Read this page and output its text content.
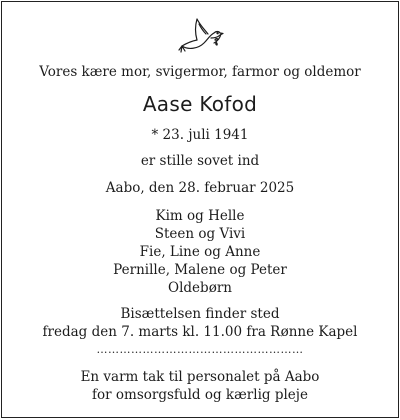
Vores kære mor, svigermor, farmor og oldemor
Aase Kofod
* 23. juli 1941
er stille sovet ind
Aabo, den 28. februar 2025
Kim og Helle
Steen og Vivi
Fie, Line og Anne
Pernille, Malene og Peter
Oldebørn
Bisættelsen finder sted
fredag den 7. marts kl. 11.00 fra Rønne Kapel
………………………………………………
En varm tak til personalet på Aabo
for omsorgsfuld og kærlig pleje
